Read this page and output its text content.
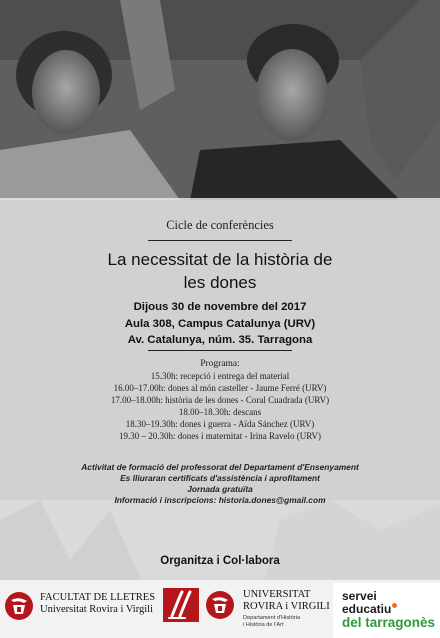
Cicle de conferències
La necessitat de la història de
les dones
Dijous 30 de novembre del 2017
Aula 308, Campus Catalunya (URV)
Av. Catalunya, núm. 35. Tarragona
Programa:
15.30h: recepció i entrega del material
16.00–17.00h: dones al món casteller - Jaume Ferré (URV)
17.00–18.00h: història de les dones - Coral Cuadrada (URV)
18.00–18.30h: descans
18.30–19.30h: dones i guerra - Aïda Sánchez (URV)
19.30 – 20.30h: dones i maternitat - Irina Ravelo (URV)
Activitat de formació del professorat del Departament d'Ensenyament
Es lliuraran certificats d'assistència i aprofitament
Jornada gratuïta
Informació i inscripcions: historia.dones@gmail.com
Organitza i Col·labora
FACULTAT DE LLETRES
Universitat Rovira i Virgili
UNIVERSITAT
ROVIRA i VIRGILI
Departament d'Història
i Història de l'Art
servei
educatiu
del tarragonès
